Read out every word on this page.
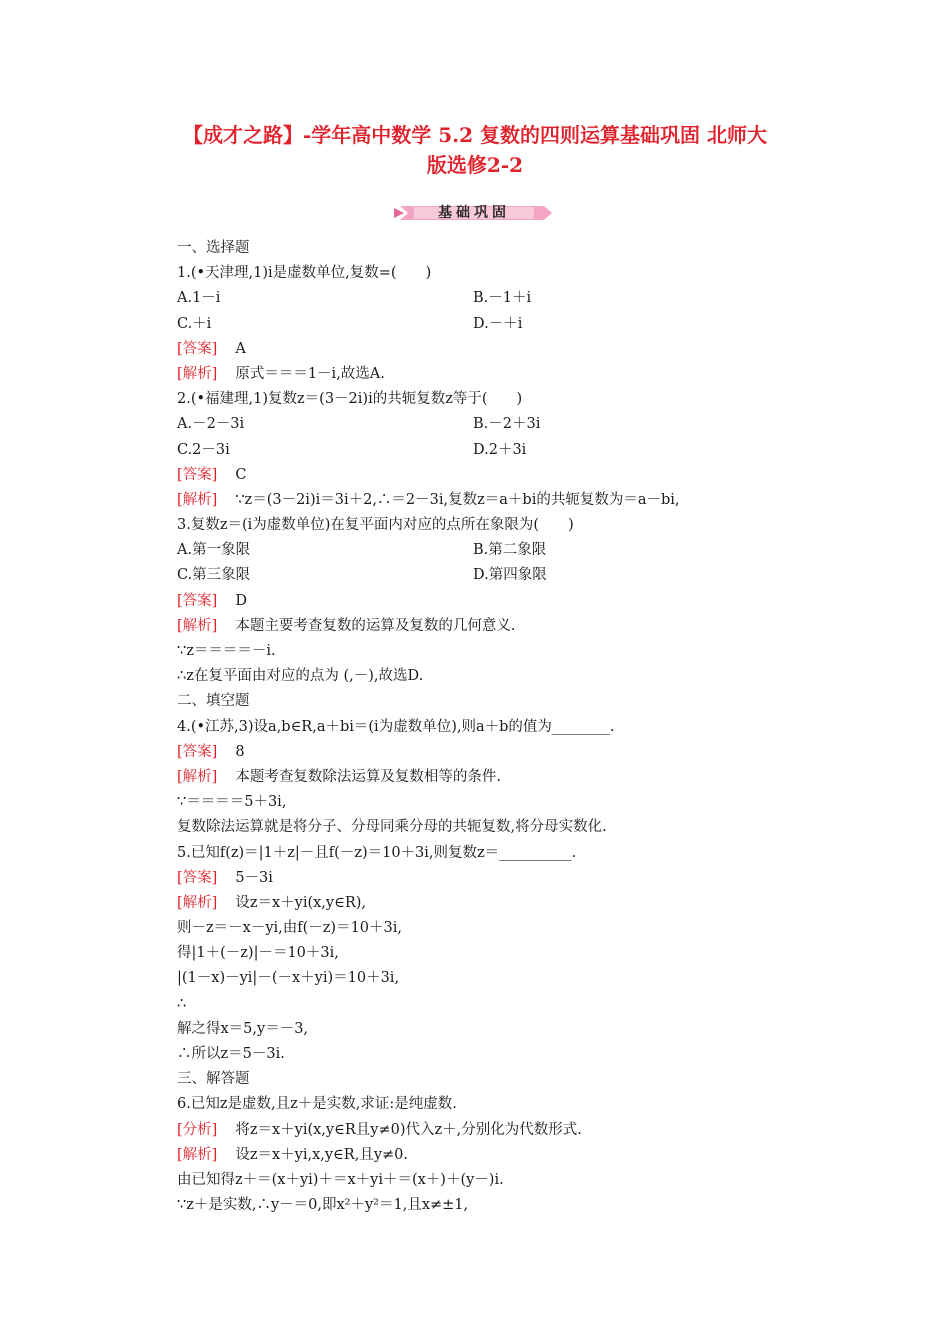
【成才之路】-学年高中数学 5.2 复数的四则运算基础巩固 北师大
版选修2-2
基础巩固
一、选择题
1.(•天津理,1)i是虚数单位,复数=(　　)
A.1－i	B.－1＋i
C.＋i	D.－＋i
[答案] A
[解析] 原式＝＝＝1－i,故选A.
2.(•福建理,1)复数z＝(3－2i)i的共轭复数z等于(　　)
A.－2－3i	B.－2＋3i
C.2－3i	D.2＋3i
[答案] C
[解析] ∵z＝(3－2i)i＝3i＋2,∴＝2－3i,复数z＝a＋bi的共轭复数为＝a－bi,
3.复数z＝(i为虚数单位)在复平面内对应的点所在象限为(　　)
A.第一象限	B.第二象限
C.第三象限	D.第四象限
[答案] D
[解析] 本题主要考查复数的运算及复数的几何意义.
∵z＝＝＝＝－i.
∴z在复平面由对应的点为 (,－),故选D.
二、填空题
4.(•江苏,3)设a,b∈R,a＋bi＝(i为虚数单位),则a＋b的值为________.
[答案] 8
[解析] 本题考查复数除法运算及复数相等的条件.
∵＝＝＝＝5＋3i,
复数除法运算就是将分子、分母同乘分母的共轭复数,将分母实数化.
5.已知f(z)＝|1＋z|－且f(－z)＝10＋3i,则复数z＝__________.
[答案] 5－3i
[解析] 设z＝x＋yi(x,y∈R),
则－z＝－x－yi,由f(－z)＝10＋3i,
得|1＋(－z)|－＝10＋3i,
|(1－x)－yi|－(－x＋yi)＝10＋3i,
∴
解之得x＝5,y＝－3,
∴所以z＝5－3i.
三、解答题
6.已知z是虚数,且z＋是实数,求证:是纯虚数.
[分析] 将z＝x＋yi(x,y∈R且y≠0)代入z＋,分别化为代数形式.
[解析] 设z＝x＋yi,x,y∈R,且y≠0.
由已知得z＋＝(x＋yi)＋＝x＋yi＋＝(x＋)＋(y－)i.
∵z＋是实数,∴y－＝0,即x²＋y²＝1,且x≠±1,
